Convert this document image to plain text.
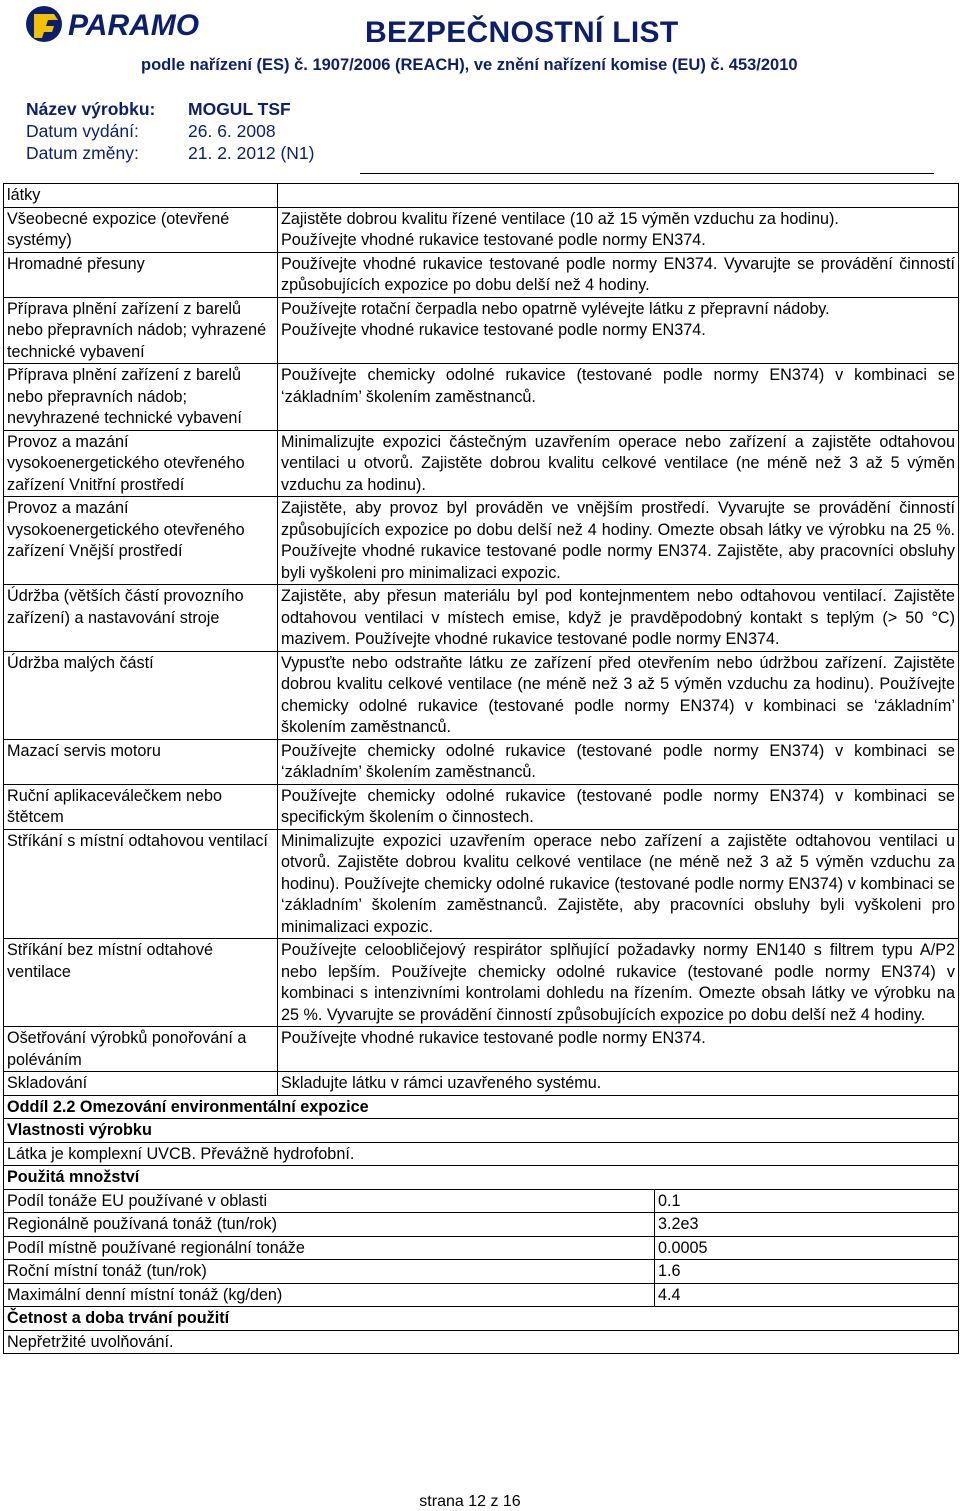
PARAMO	BEZPEČNOSTNÍ LIST
podle nařízení (ES) č. 1907/2006 (REACH), ve znění nařízení komise (EU) č. 453/2010
Název výrobku:	MOGUL TSF
Datum vydání:	26. 6. 2008
Datum změny:	21. 2. 2012 (N1)
látky		
Všeobecné expozice (otevřené systémy)	Zajistěte dobrou kvalitu řízené ventilace (10 až 15 výměn vzduchu za hodinu).
Používejte vhodné rukavice testované podle normy EN374.	

Hromadné přesuny	Používejte vhodné rukavice testované podle normy EN374. Vyvarujte se provádění činností způsobujících expozice po dobu delší než 4 hodiny.	

Příprava plnění zařízení z barelů nebo přepravních nádob; vyhrazené technické vybavení	Používejte rotační čerpadla nebo opatrně vylévejte látku z přepravní nádoby.
Používejte vhodné rukavice testované podle normy EN374.	

Příprava plnění zařízení z barelů nebo přepravních nádob; nevyhrazené technické vybavení	Používejte chemicky odolné rukavice (testované podle normy EN374) v kombinaci se ‘základním’ školením zaměstnanců.	

Provoz a mazání vysokoenergetického otevřeného zařízení Vnitřní prostředí	Minimalizujte expozici částečným uzavřením operace nebo zařízení a zajistěte odtahovou ventilaci u otvorů. Zajistěte dobrou kvalitu celkové ventilace (ne méně než 3 až 5 výměn vzduchu za hodinu).	

Provoz a mazání vysokoenergetického otevřeného zařízení Vnější prostředí	Zajistěte, aby provoz byl prováděn ve vnějším prostředí. Vyvarujte se provádění činností způsobujících expozice po dobu delší než 4 hodiny. Omezte obsah látky ve výrobku na 25 %. Používejte vhodné rukavice testované podle normy EN374. Zajistěte, aby pracovníci obsluhy byli vyškoleni pro minimalizaci expozic.	

Údržba (větších částí provozního zařízení) a nastavování stroje	Zajistěte, aby přesun materiálu byl pod kontejnmentem nebo odtahovou ventilací. Zajistěte odtahovou ventilaci v místech emise, když je pravděpodobný kontakt s teplým (> 50 °C) mazivem. Používejte vhodné rukavice testované podle normy EN374.	

Údržba malých částí	Vypusťte nebo odstraňte látku ze zařízení před otevřením nebo údržbou zařízení. Zajistěte dobrou kvalitu celkové ventilace (ne méně než 3 až 5 výměn vzduchu za hodinu). Používejte chemicky odolné rukavice (testované podle normy EN374) v kombinaci se ‘základním’ školením zaměstnanců.	

Mazací servis motoru	Používejte chemicky odolné rukavice (testované podle normy EN374) v kombinaci se ‘základním’ školením zaměstnanců.	

Ruční aplikaceválečkem nebo štětcem	Používejte chemicky odolné rukavice (testované podle normy EN374) v kombinaci se specifickým školením o činnostech.	

Stříkání s místní odtahovou ventilací	Minimalizujte expozici uzavřením operace nebo zařízení a zajistěte odtahovou ventilaci u otvorů. Zajistěte dobrou kvalitu celkové ventilace (ne méně než 3 až 5 výměn vzduchu za hodinu). Používejte chemicky odolné rukavice (testované podle normy EN374) v kombinaci se ‘základním’ školením zaměstnanců. Zajistěte, aby pracovníci obsluhy byli vyškoleni pro minimalizaci expozic.	

Stříkání bez místní odtahové ventilace	Používejte celoobličejový respirátor splňující požadavky normy EN140 s filtrem typu A/P2 nebo lepším. Používejte chemicky odolné rukavice (testované podle normy EN374) v kombinaci s intenzivními kontrolami dohledu na řízením. Omezte obsah látky ve výrobku na 25 %. Vyvarujte se provádění činností způsobujících expozice po dobu delší než 4 hodiny.	

Ošetřování výrobků ponořování a poléváním	Používejte vhodné rukavice testované podle normy EN374.	

Skladování	Skladujte látku v rámci uzavřeného systému.	

Oddíl 2.2 Omezování environmentální expozice		
Vlastnosti výrobku		
Látka je komplexní UVCB. Převážně hydrofobní.		
Použitá množství		
Podíl tonáže EU používané v oblasti		0.1
Regionálně používaná tonáž (tun/rok)		3.2e3
Podíl místně používané regionální tonáže		0.0005
Roční místní tonáž (tun/rok)		1.6
Maximální denní místní tonáž (kg/den)		4.4
Četnost a doba trvání použití		
Nepřetržité uvolňování.		
strana 12 z 16
